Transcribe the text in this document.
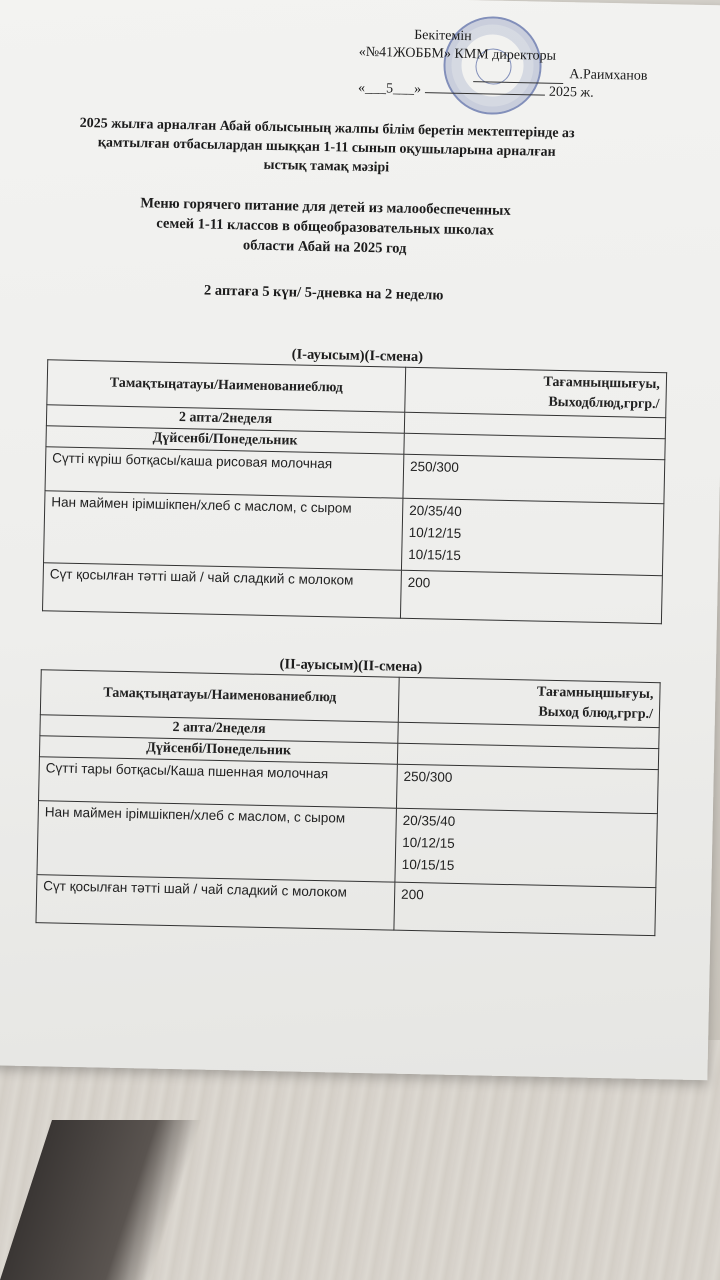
Бекітемін
«№41ЖОББМ» КММ директоры
А.Раимханов
«___5___»	2025 ж.
2025 жылға арналған Абай облысының жалпы білім беретін мектептерінде аз
қамтылған отбасылардан шыққан 1-11 сынып оқушыларына арналған
ыстық тамақ мәзірі
Меню горячего питание для детей из малообеспеченных
семей 1-11 классов в общеобразовательных школах
области Абай на 2025 год
2 аптаға 5 күн/ 5-дневка на 2 неделю
(І-ауысым)(І-смена)
Тамақтыңатауы/Наименованиеблюд	Тағамныңшығуы,
Выходблюд,гргр./

2 апта/2неделя	
Дүйсенбі/Понедельник	
Сүтті күріш ботқасы/каша рисовая молочная	250/300

Нан маймен ірімшікпен/хлеб с маслом, с сыром	20/35/40
10/12/15
10/15/15

Сүт қосылған тәтті шай / чай сладкий с молоком	200
(ІІ-ауысым)(ІІ-смена)
Тамақтыңатауы/Наименованиеблюд	Тағамныңшығуы,
Выход блюд,гргр./

2 апта/2неделя	
Дүйсенбі/Понедельник	
Сүтті тары ботқасы/Каша пшенная молочная	250/300

Нан маймен ірімшікпен/хлеб с маслом, с сыром	20/35/40
10/12/15
10/15/15

Сүт қосылған тәтті шай / чай сладкий с молоком	200
